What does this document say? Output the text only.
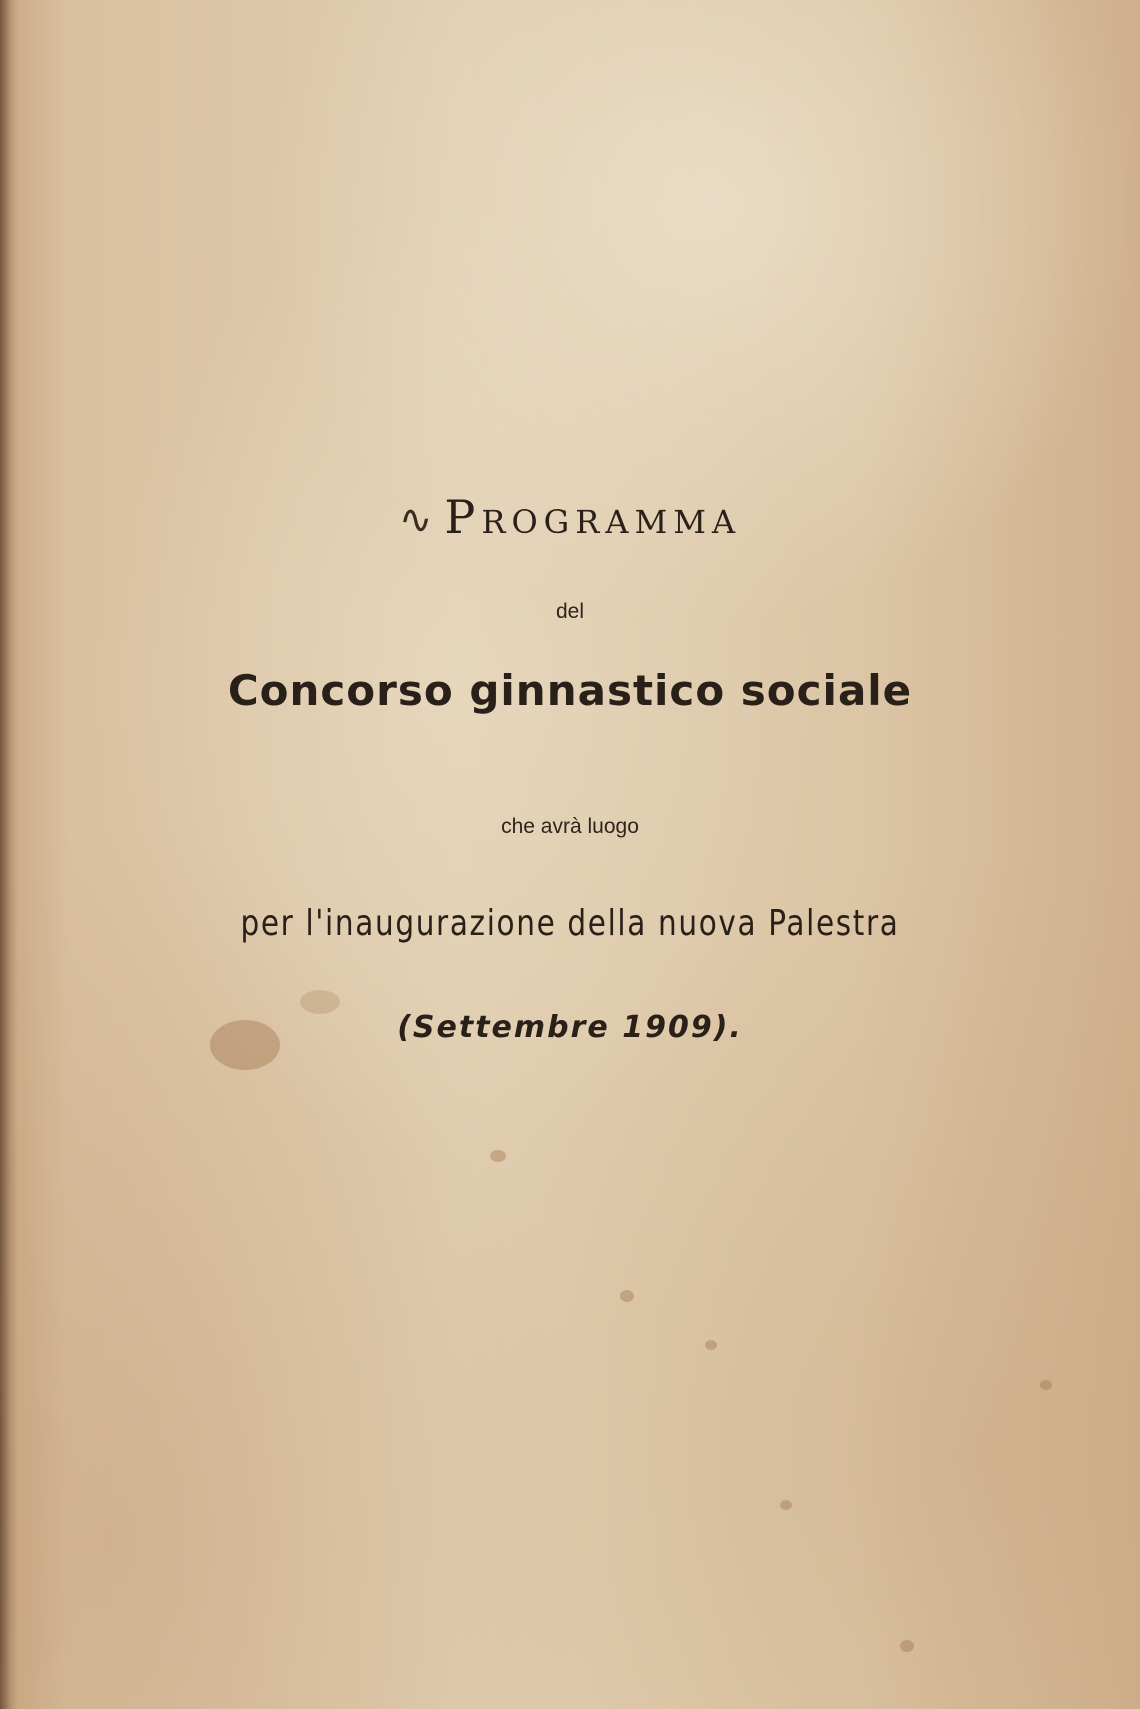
∿ Programma
del
Concorso ginnastico sociale
che avrà luogo
per l'inaugurazione della nuova Palestra
(Settembre 1909).
